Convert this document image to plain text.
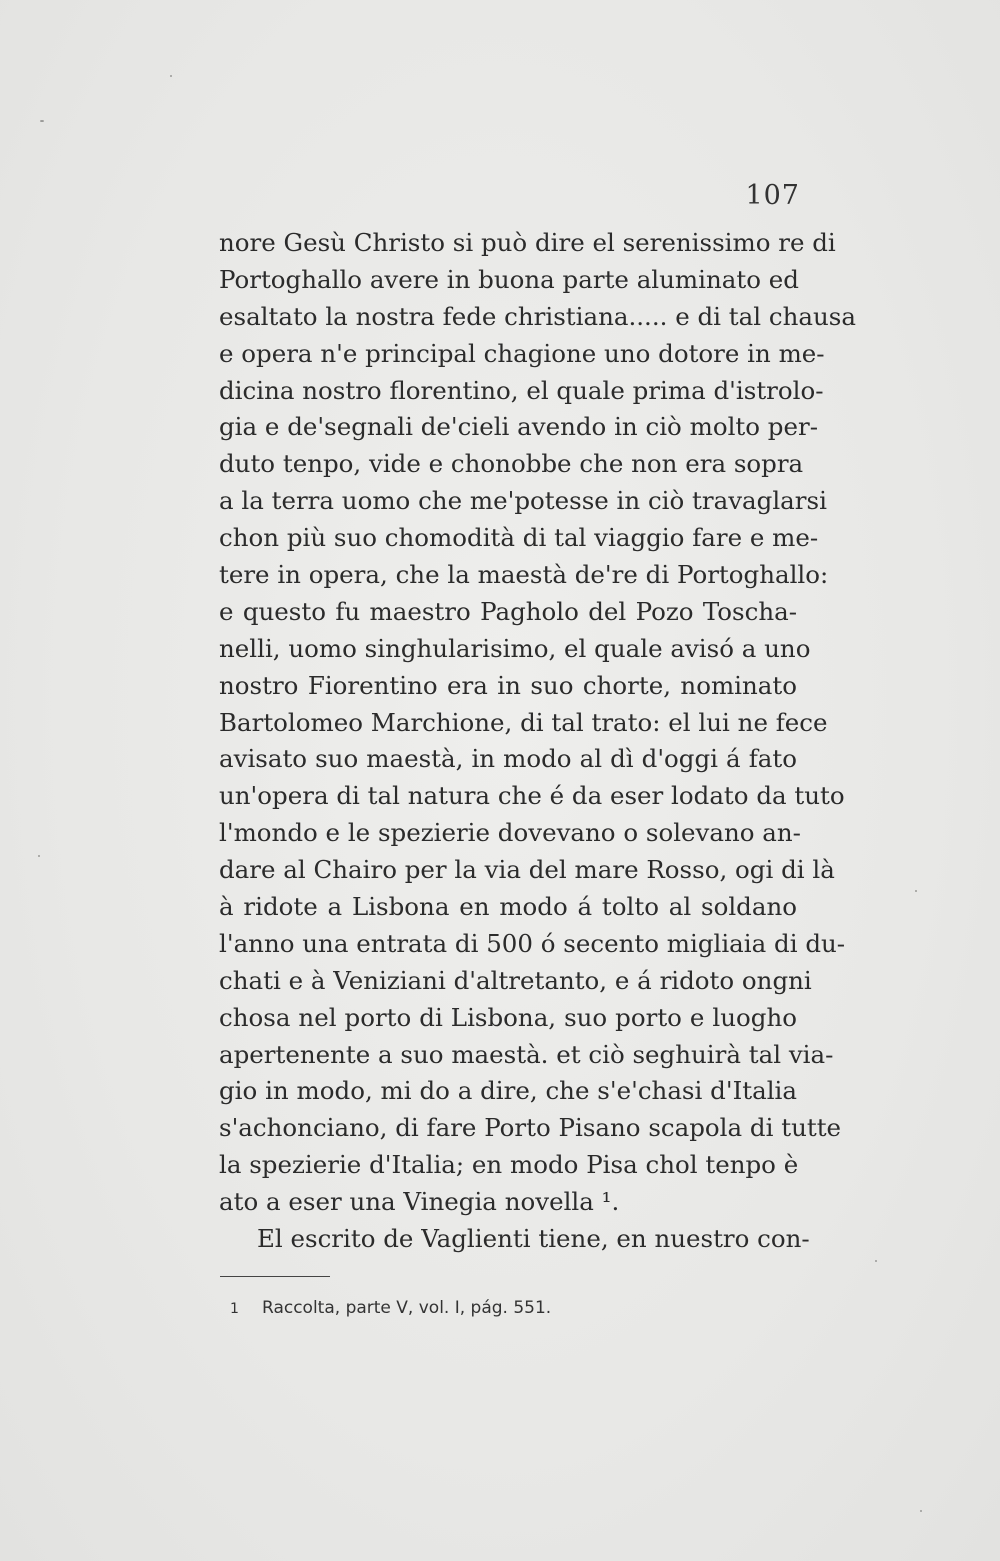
107
nore Gesù Christo si può dire el serenissimo re di
Portoghallo avere in buona parte aluminato ed
esaltato la nostra fede christiana..... e di tal chausa
e opera n'e principal chagione uno dotore in me-
dicina nostro florentino, el quale prima d'istrolo-
gia e de'segnali de'cieli avendo in ciò molto per-
duto tenpo, vide e chonobbe che non era sopra
a la terra uomo che me'potesse in ciò travaglarsi
chon più suo chomodità di tal viaggio fare e me-
tere in opera, che la maestà de're di Portoghallo:
e questo fu maestro Pagholo del Pozo Toscha-
nelli, uomo singhularisimo, el quale avisó a uno
nostro Fiorentino era in suo chorte, nominato
Bartolomeo Marchione, di tal trato: el lui ne fece
avisato suo maestà, in modo al dì d'oggi á fato
un'opera di tal natura che é da eser lodato da tuto
l'mondo e le spezierie dovevano o solevano an-
dare al Chairo per la via del mare Rosso, ogi di là
à ridote a Lisbona en modo á tolto al soldano
l'anno una entrata di 500 ó secento migliaia di du-
chati e à Veniziani d'altretanto, e á ridoto ongni
chosa nel porto di Lisbona, suo porto e luogho
apertenente a suo maestà. et ciò seghuirà tal via-
gio in modo, mi do a dire, che s'e'chasi d'Italia
s'achonciano, di fare Porto Pisano scapola di tutte
la spezierie d'Italia; en modo Pisa chol tenpo è
ato a eser una Vinegia novella ¹.
El escrito de Vaglienti tiene, en nuestro con-
1 Raccolta, parte V, vol. I, pág. 551.
